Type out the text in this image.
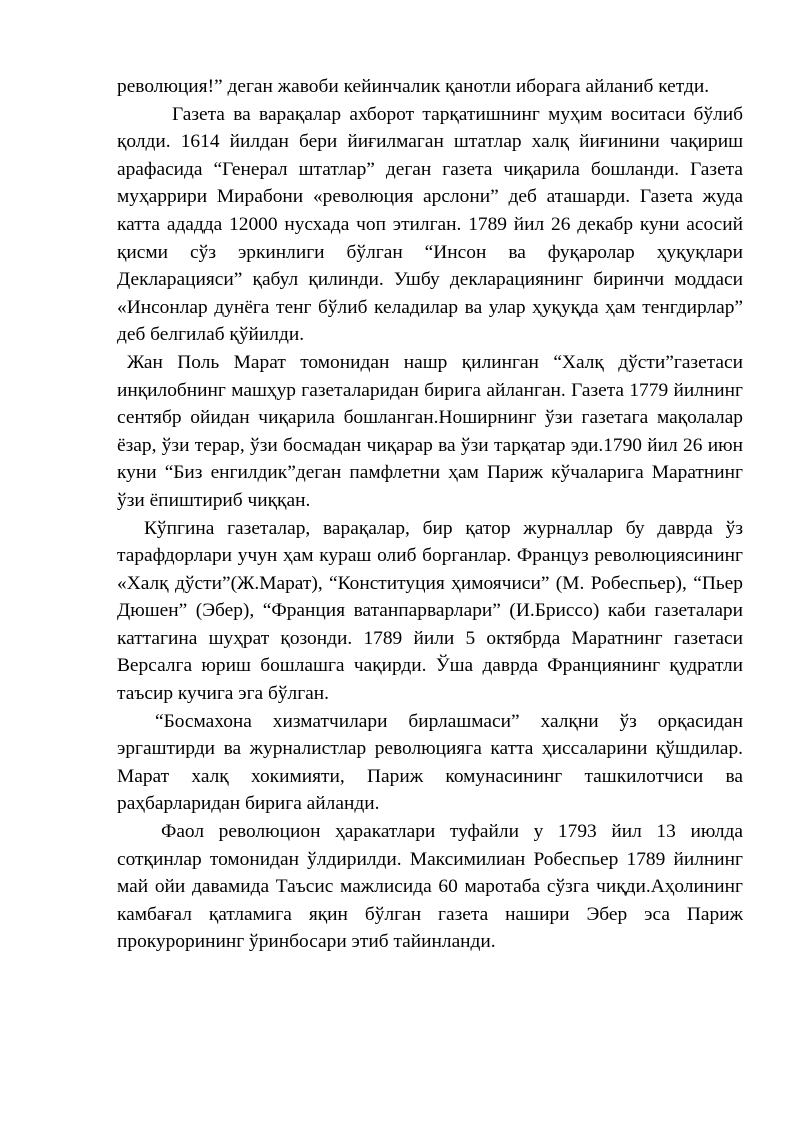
революция!” деган жавоби кейинчалик қанотли иборага айланиб кетди.

Газета ва варақалар ахборот тарқатишнинг муҳим воситаси бўлиб қолди. 1614 йилдан бери йиғилмаган штатлар халқ йиғинини чақириш арафасида “Генерал штатлар” деган газета чиқарила бошланди. Газета муҳаррири Мирабони «революция арслони” деб аташарди. Газета жуда катта ададда 12000 нусхада чоп этилган. 1789 йил 26 декабр куни асосий қисми сўз эркинлиги бўлган “Инсон ва фуқаролар ҳуқуқлари Декларацияси” қабул қилинди. Ушбу декларациянинг биринчи моддаси «Инсонлар дунёга тенг бўлиб келадилар ва улар ҳуқуқда ҳам тенгдирлар” деб белгилаб қўйилди.

Жан Поль Марат томонидан нашр қилинган “Халқ дўсти”газетаси инқилобнинг машҳур газеталаридан бирига айланган. Газета 1779 йилнинг сентябр ойидан чиқарила бошланган.Ноширнинг ўзи газетага мақолалар ёзар, ўзи терар, ўзи босмадан чиқарар ва ўзи тарқатар эди.1790 йил 26 июн куни “Биз енгилдик”деган памфлетни ҳам Париж кўчаларига Маратнинг ўзи ёпиштириб чиққан.

Кўпгина газеталар, варақалар, бир қатор журналлар бу даврда ўз тарафдорлари учун ҳам кураш олиб борганлар. Француз революциясининг «Халқ дўсти”(Ж.Марат), “Конституция ҳимоячиси” (М. Робеспьер), “Пьер Дюшен” (Эбер), “Франция ватанпарварлари” (И.Бриссо) каби газеталари каттагина шуҳрат қозонди. 1789 йили 5 октябрда Маратнинг газетаси Версалга юриш бошлашга чақирди. Ўша даврда Франциянинг қудратли таъсир кучига эга бўлган.

“Босмахона хизматчилари бирлашмаси” халқни ўз орқасидан эргаштирди ва журналистлар революцияга катта ҳиссаларини қўшдилар. Марат халқ хокимияти, Париж комунасининг ташкилотчиси ва раҳбарларидан бирига айланди.

Фаол революцион ҳаракатлари туфайли у 1793 йил 13 июлда сотқинлар томонидан ўлдирилди. Максимилиан Робеспьер 1789 йилнинг май ойи давамида Таъсис мажлисида 60 маротаба сўзга чиқди.Аҳолининг камбағал қатламига яқин бўлган газета нашири Эбер эса Париж прокурорининг ўринбосари этиб тайинланди.
